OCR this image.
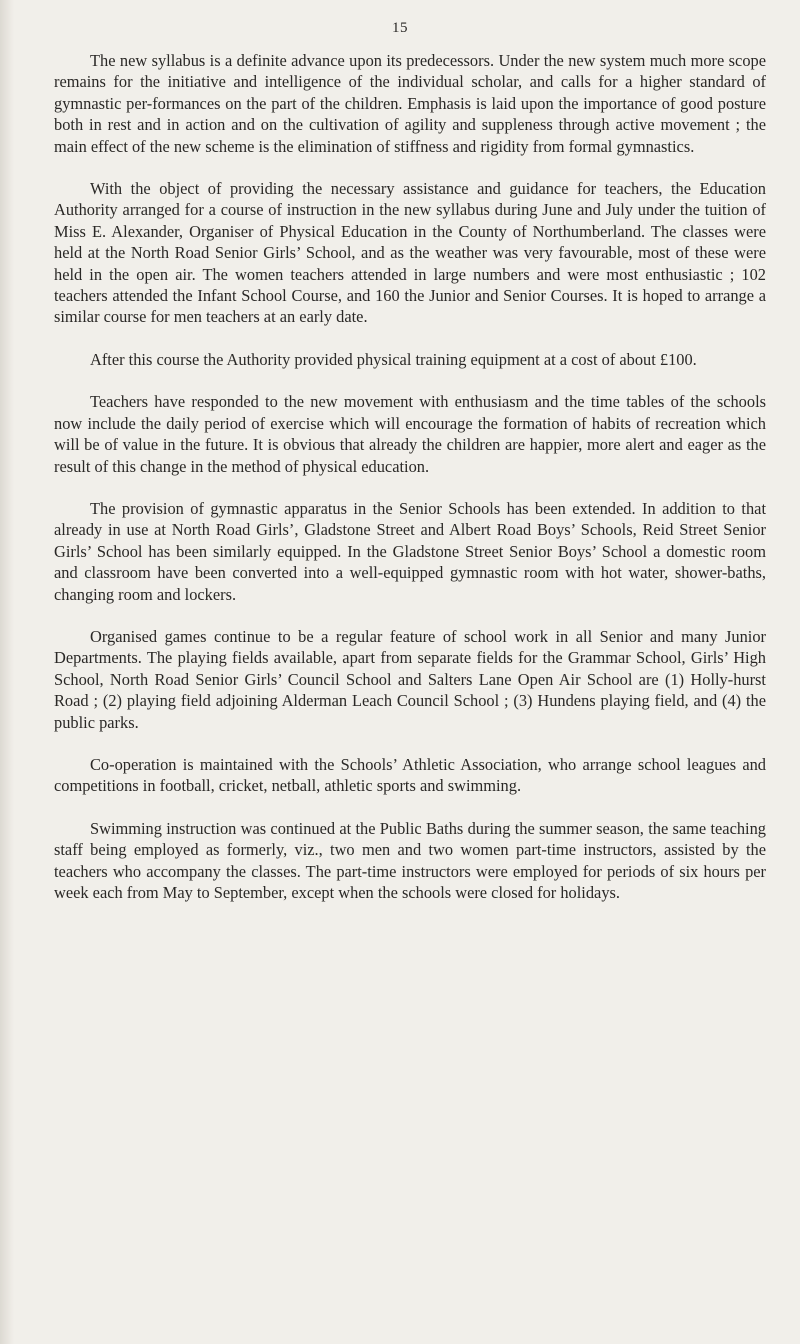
15

The new syllabus is a definite advance upon its predecessors. Under the new system much more scope remains for the initiative and intelligence of the individual scholar, and calls for a higher standard of gymnastic per-formances on the part of the children. Emphasis is laid upon the importance of good posture both in rest and in action and on the cultivation of agility and suppleness through active movement ; the main effect of the new scheme is the elimination of stiffness and rigidity from formal gymnastics.

With the object of providing the necessary assistance and guidance for teachers, the Education Authority arranged for a course of instruction in the new syllabus during June and July under the tuition of Miss E. Alexander, Organiser of Physical Education in the County of Northumberland. The classes were held at the North Road Senior Girls’ School, and as the weather was very favourable, most of these were held in the open air. The women teachers attended in large numbers and were most enthusiastic ; 102 teachers attended the Infant School Course, and 160 the Junior and Senior Courses. It is hoped to arrange a similar course for men teachers at an early date.

After this course the Authority provided physical training equipment at a cost of about £100.

Teachers have responded to the new movement with enthusiasm and the time tables of the schools now include the daily period of exercise which will encourage the formation of habits of recreation which will be of value in the future. It is obvious that already the children are happier, more alert and eager as the result of this change in the method of physical education.

The provision of gymnastic apparatus in the Senior Schools has been extended. In addition to that already in use at North Road Girls’, Gladstone Street and Albert Road Boys’ Schools, Reid Street Senior Girls’ School has been similarly equipped. In the Gladstone Street Senior Boys’ School a domestic room and classroom have been converted into a well-equipped gymnastic room with hot water, shower-baths, changing room and lockers.

Organised games continue to be a regular feature of school work in all Senior and many Junior Departments. The playing fields available, apart from separate fields for the Grammar School, Girls’ High School, North Road Senior Girls’ Council School and Salters Lane Open Air School are (1) Holly-hurst Road ; (2) playing field adjoining Alderman Leach Council School ; (3) Hundens playing field, and (4) the public parks.

Co-operation is maintained with the Schools’ Athletic Association, who arrange school leagues and competitions in football, cricket, netball, athletic sports and swimming.

Swimming instruction was continued at the Public Baths during the summer season, the same teaching staff being employed as formerly, viz., two men and two women part-time instructors, assisted by the teachers who accompany the classes. The part-time instructors were employed for periods of six hours per week each from May to September, except when the schools were closed for holidays.
